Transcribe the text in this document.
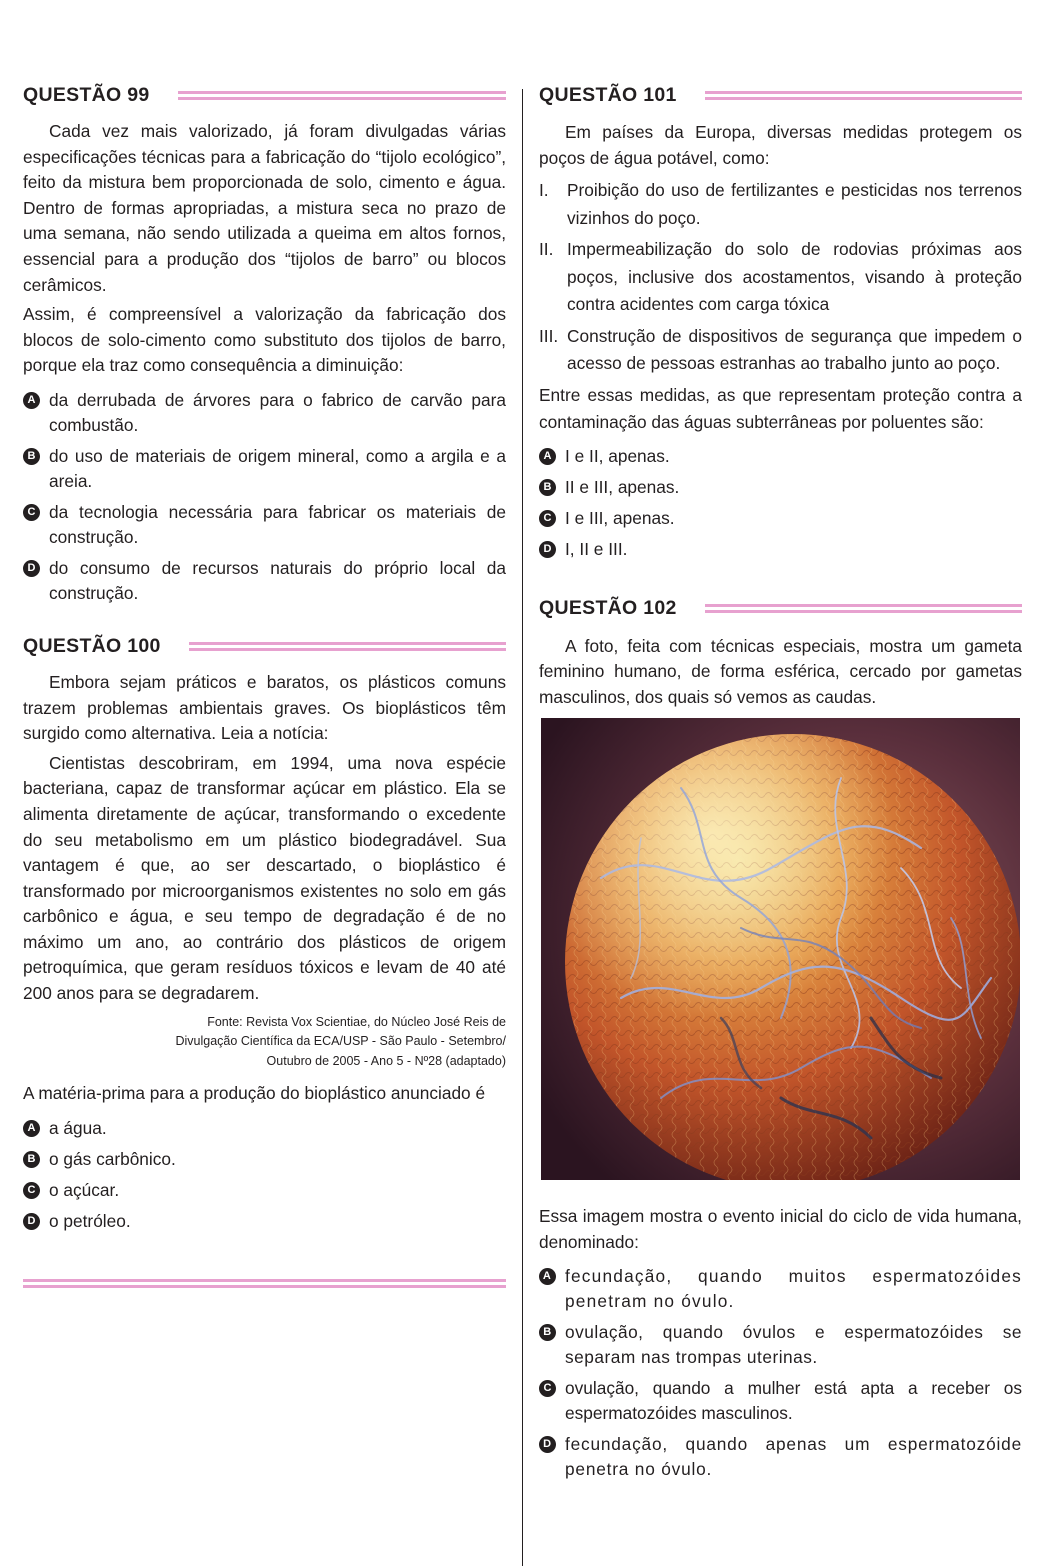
QUESTÃO 99

Cada vez mais valorizado, já foram divulgadas várias especificações técnicas para a fabricação do “tijolo ecológico”, feito da mistura bem proporcionada de solo, cimento e água. Dentro de formas apropriadas, a mistura seca no prazo de uma semana, não sendo utilizada a queima em altos fornos, essencial para a produção dos “tijolos de barro” ou blocos cerâmicos.

Assim, é compreensível a valorização da fabricação dos blocos de solo-cimento como substituto dos tijolos de barro, porque ela traz como consequência a diminuição:

A da derrubada de árvores para o fabrico de carvão para combustão.
B do uso de materiais de origem mineral, como a argila e a areia.
C da tecnologia necessária para fabricar os materiais de construção.
D do consumo de recursos naturais do próprio local da construção.
QUESTÃO 100

Embora sejam práticos e baratos, os plásticos comuns trazem problemas ambientais graves. Os bioplásticos têm surgido como alternativa. Leia a notícia:

Cientistas descobriram, em 1994, uma nova espécie bacteriana, capaz de transformar açúcar em plástico. Ela se alimenta diretamente de açúcar, transformando o excedente do seu metabolismo em um plástico biodegradável. Sua vantagem é que, ao ser descartado, o bioplástico é transformado por microorganismos existentes no solo em gás carbônico e água, e seu tempo de degradação é de no máximo um ano, ao contrário dos plásticos de origem petroquímica, que geram resíduos tóxicos e levam de 40 até 200 anos para se degradarem.

Fonte: Revista Vox Scientiae, do Núcleo José Reis de
Divulgação Científica da ECA/USP - São Paulo - Setembro/
Outubro de 2005 - Ano 5 - Nº28 (adaptado)

A matéria-prima para a produção do bioplástico anunciado é

A a água.
B o gás carbônico.
C o açúcar.
D o petróleo.
QUESTÃO 101

Em países da Europa, diversas medidas protegem os poços de água potável, como:

I.	Proibição do uso de fertilizantes e pesticidas nos terrenos vizinhos do poço.
II. Impermeabilização do solo de rodovias próximas aos poços, inclusive dos acostamentos, visando à proteção contra acidentes com carga tóxica
III. Construção de dispositivos de segurança que impedem o acesso de pessoas estranhas ao trabalho junto ao poço.

Entre essas medidas, as que representam proteção contra a contaminação das águas subterrâneas por poluentes são:

A I e II, apenas.
B II e III, apenas.
C I e III, apenas.
D I, II e III.
QUESTÃO 102

A foto, feita com técnicas especiais, mostra um gameta feminino humano, de forma esférica, cercado por gametas masculinos, dos quais só vemos as caudas.

Essa imagem mostra o evento inicial do ciclo de vida humana, denominado:

A fecundação, quando muitos espermatozóides penetram no óvulo.
B ovulação, quando óvulos e espermatozóides se separam nas trompas uterinas.
C ovulação, quando a mulher está apta a receber os espermatozóides masculinos.
D fecundação, quando apenas um espermatozóide penetra no óvulo.
